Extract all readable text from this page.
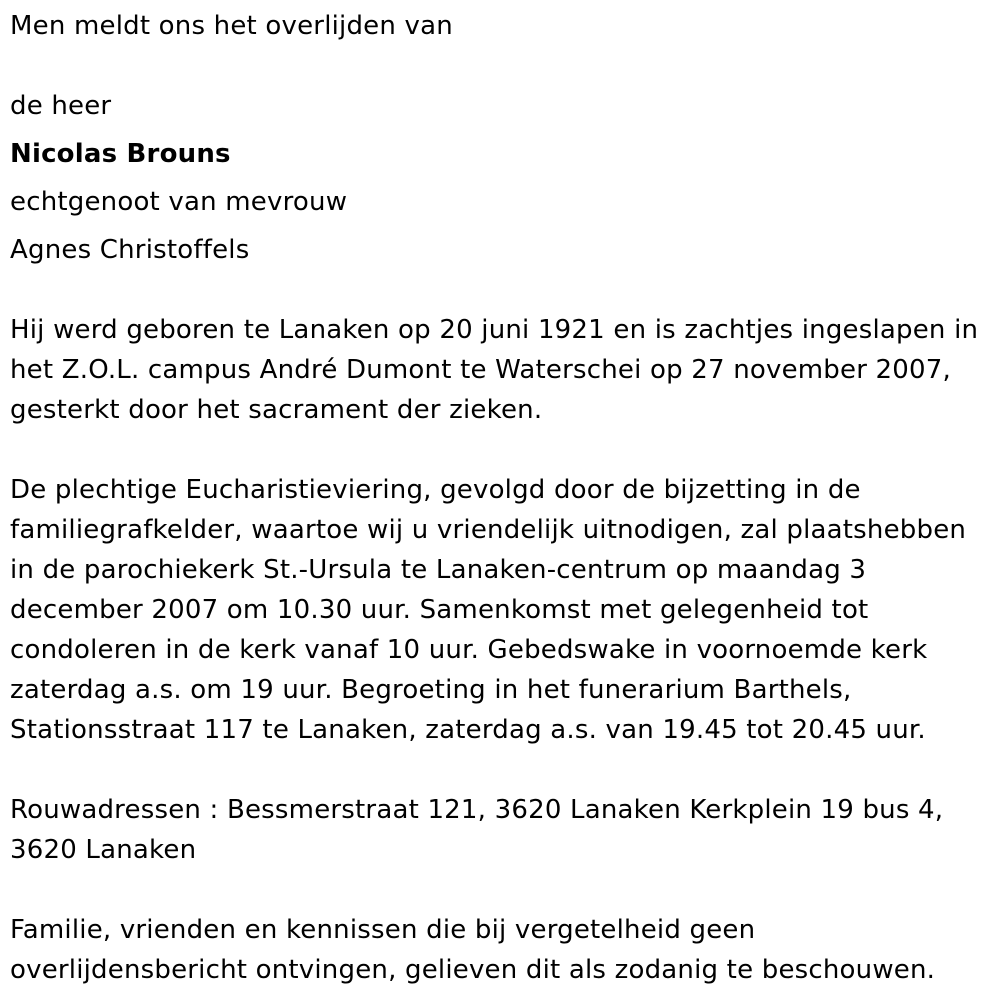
Men meldt ons het overlijden van
de heer
Nicolas Brouns
echtgenoot van mevrouw
Agnes Christoffels
Hij werd geboren te Lanaken op 20 juni 1921 en is zachtjes ingeslapen in
het Z.O.L. campus André Dumont te Waterschei op 27 november 2007,
gesterkt door het sacrament der zieken.
De plechtige Eucharistieviering, gevolgd door de bijzetting in de
familiegrafkelder, waartoe wij u vriendelijk uitnodigen, zal plaatshebben
in de parochiekerk St.-Ursula te Lanaken-centrum op maandag 3
december 2007 om 10.30 uur. Samenkomst met gelegenheid tot
condoleren in de kerk vanaf 10 uur. Gebedswake in voornoemde kerk
zaterdag a.s. om 19 uur. Begroeting in het funerarium Barthels,
Stationsstraat 117 te Lanaken, zaterdag a.s. van 19.45 tot 20.45 uur.
Rouwadressen : Bessmerstraat 121, 3620 Lanaken Kerkplein 19 bus 4,
3620 Lanaken
Familie, vrienden en kennissen die bij vergetelheid geen
overlijdensbericht ontvingen, gelieven dit als zodanig te beschouwen.
